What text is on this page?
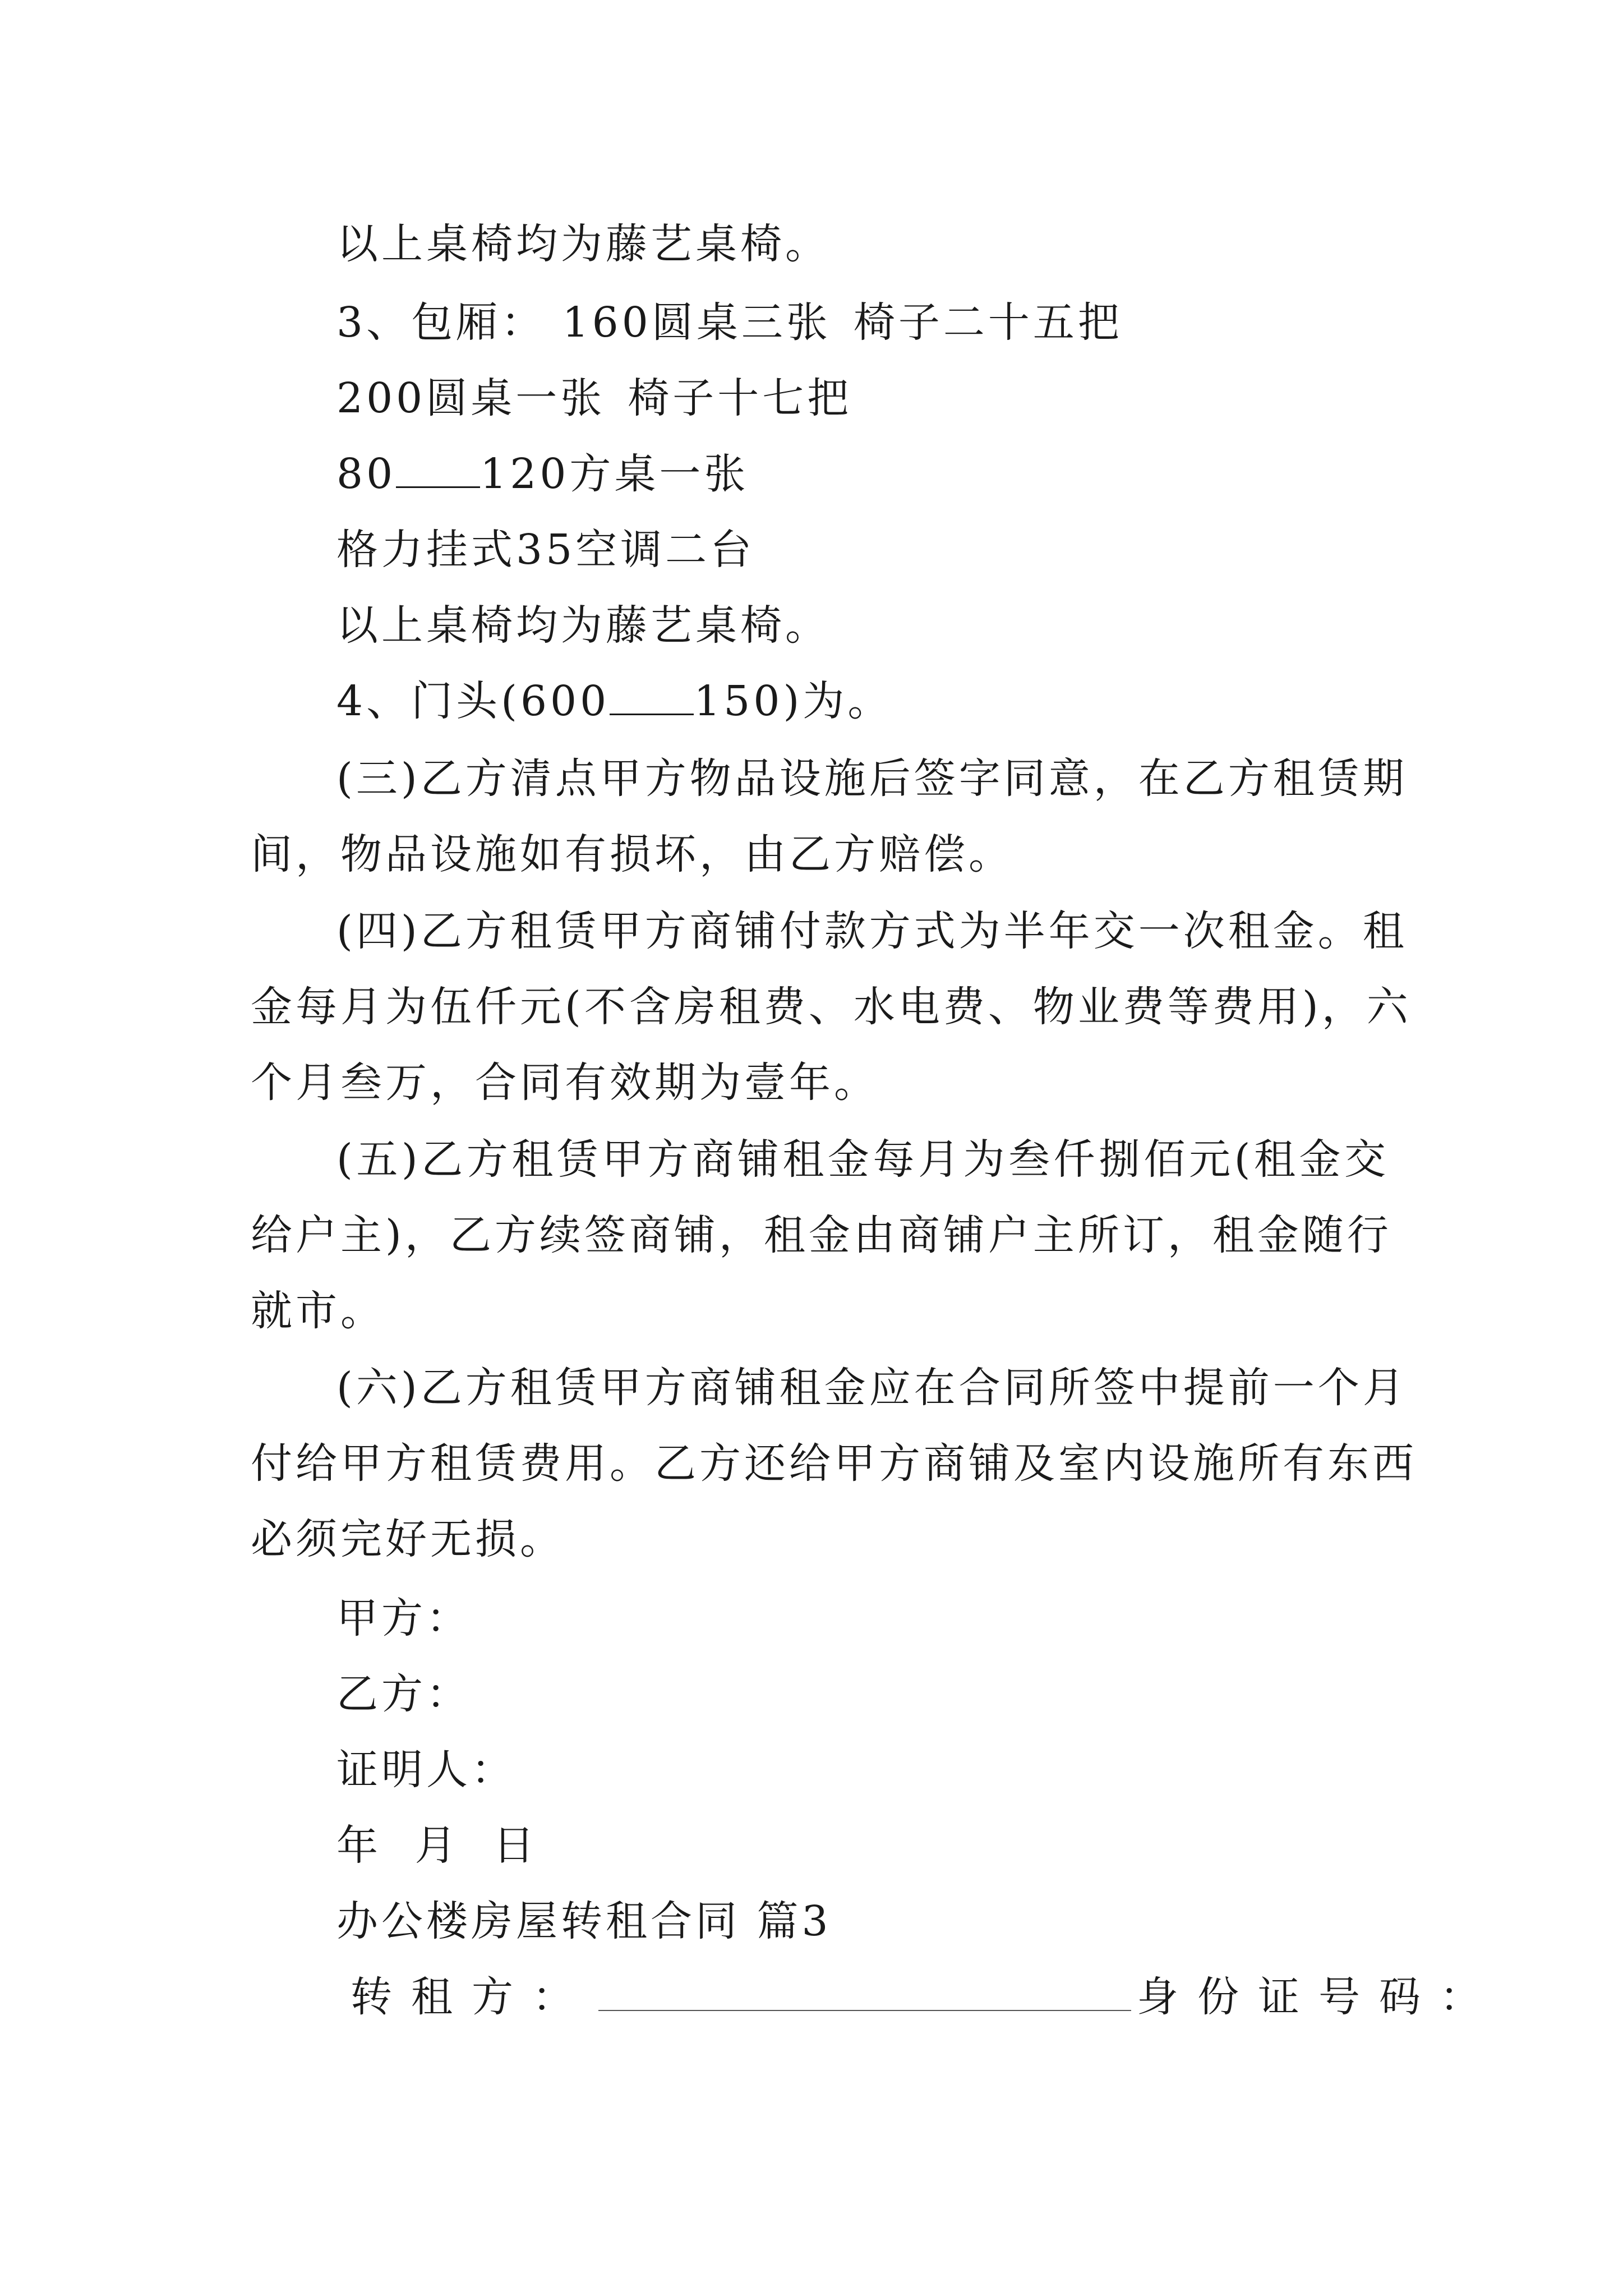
以上桌椅均为藤艺桌椅。
3、包厢： 160圆桌三张 椅子二十五把
200圆桌一张 椅子十七把
80 120方桌一张
格力挂式35空调二台
以上桌椅均为藤艺桌椅。
4、门头(600 150)为。
(三)乙方清点甲方物品设施后签字同意，在乙方租赁期
间，物品设施如有损坏，由乙方赔偿。
(四)乙方租赁甲方商铺付款方式为半年交一次租金。租
金每月为伍仟元(不含房租费、水电费、物业费等费用)，六
个月叁万，合同有效期为壹年。
(五)乙方租赁甲方商铺租金每月为叁仟捌佰元(租金交
给户主)，乙方续签商铺，租金由商铺户主所订，租金随行
就市。
(六)乙方租赁甲方商铺租金应在合同所签中提前一个月
付给甲方租赁费用。乙方还给甲方商铺及室内设施所有东西
必须完好无损。
甲方：
乙方：
证明人：
年 月 日
办公楼房屋转租合同 篇3
转租方：	身份证号码：
